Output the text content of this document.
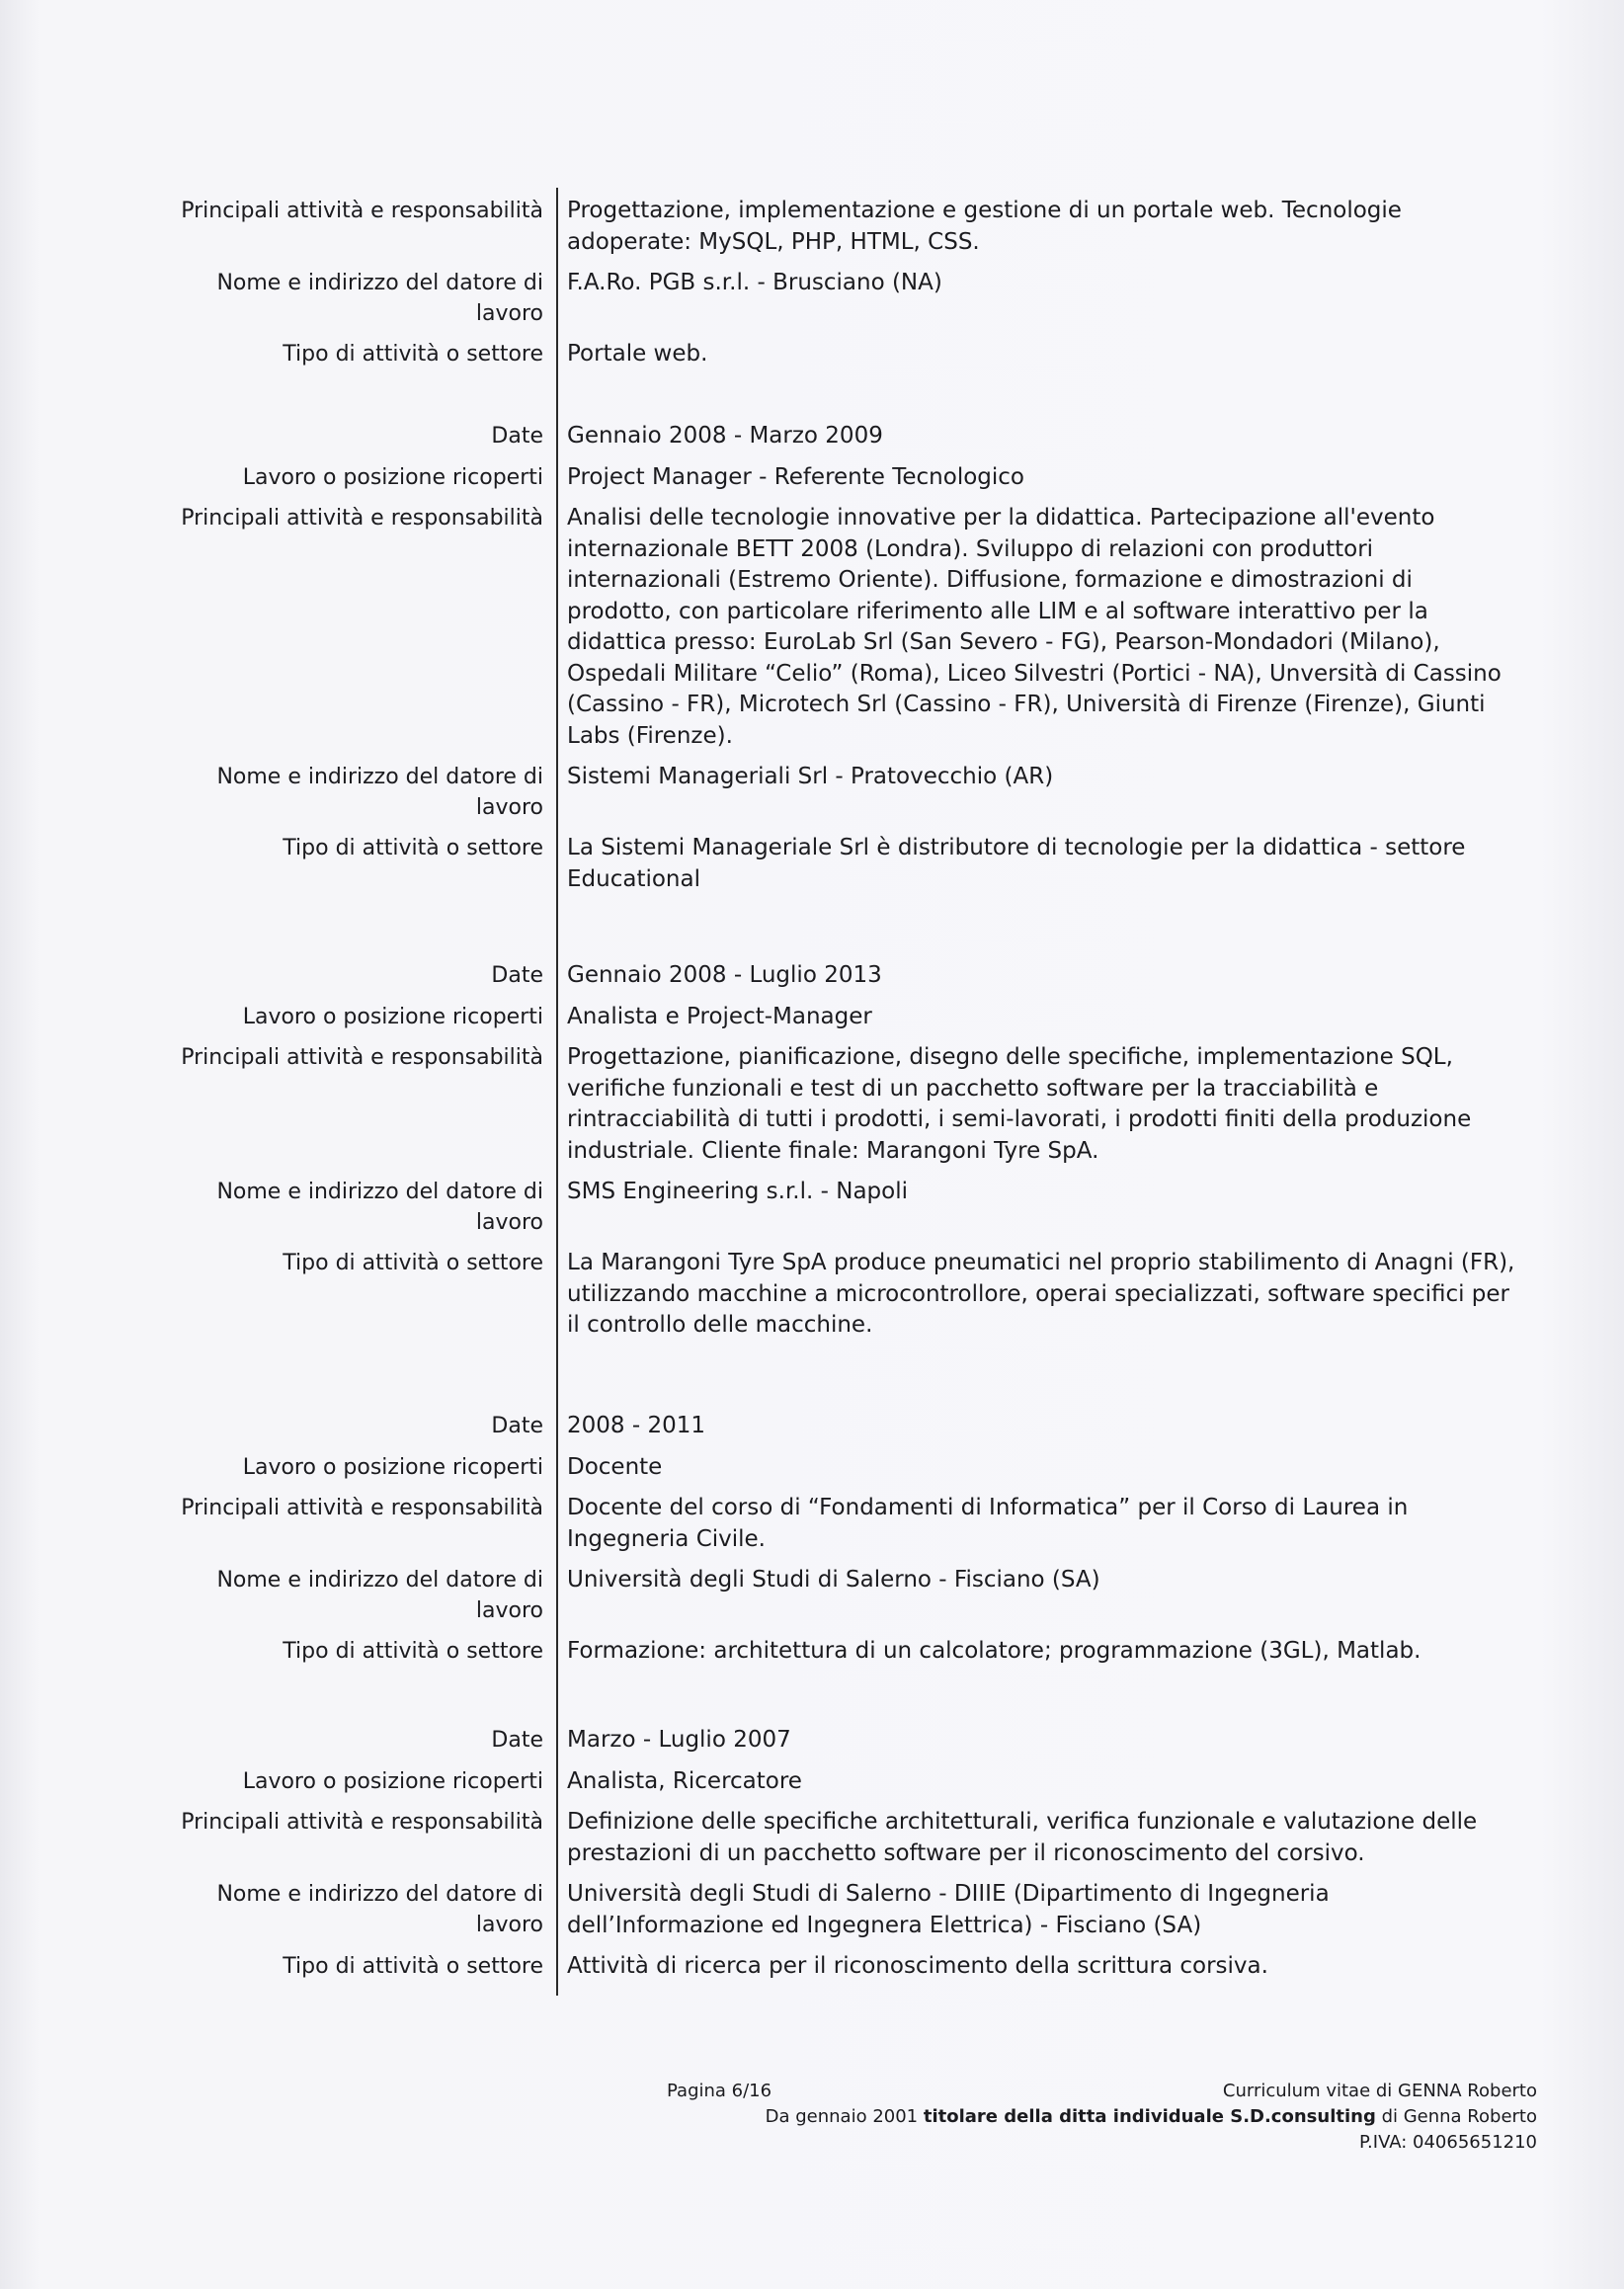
Principali attività e responsabilità Progettazione, implementazione e gestione di un portale web. Tecnologie adoperate: MySQL, PHP, HTML, CSS.
Nome e indirizzo del datore di lavoro
F.A.Ro. PGB s.r.l. - Brusciano (NA)
Tipo di attività o settore Portale web.
Date Gennaio 2008 - Marzo 2009
Lavoro o posizione ricoperti Project Manager - Referente Tecnologico
Principali attività e responsabilità Analisi delle tecnologie innovative per la didattica. Partecipazione all'evento internazionale BETT 2008 (Londra). Sviluppo di relazioni con produttori internazionali (Estremo Oriente). Diffusione, formazione e dimostrazioni di prodotto, con particolare riferimento alle LIM e al software interattivo per la didattica presso: EuroLab Srl (San Severo - FG), Pearson-Mondadori (Milano), Ospedali Militare “Celio” (Roma), Liceo Silvestri (Portici - NA), Unversità di Cassino (Cassino - FR), Microtech Srl (Cassino - FR), Università di Firenze (Firenze), Giunti Labs (Firenze).
Nome e indirizzo del datore di lavoro
Sistemi Manageriali Srl - Pratovecchio (AR)
Tipo di attività o settore La Sistemi Manageriale Srl è distributore di tecnologie per la didattica - settore Educational
Date Gennaio 2008 - Luglio 2013
Lavoro o posizione ricoperti Analista e Project-Manager
Principali attività e responsabilità Progettazione, pianificazione, disegno delle specifiche, implementazione SQL, verifiche funzionali e test di un pacchetto software per la tracciabilità e rintracciabilità di tutti i prodotti, i semi-lavorati, i prodotti finiti della produzione industriale. Cliente finale: Marangoni Tyre SpA.
Nome e indirizzo del datore di lavoro
SMS Engineering s.r.l. - Napoli
Tipo di attività o settore La Marangoni Tyre SpA produce pneumatici nel proprio stabilimento di Anagni (FR), utilizzando macchine a microcontrollore, operai specializzati, software specifici per il controllo delle macchine.
Date 2008 - 2011
Lavoro o posizione ricoperti Docente
Principali attività e responsabilità Docente del corso di “Fondamenti di Informatica” per il Corso di Laurea in Ingegneria Civile.
Nome e indirizzo del datore di lavoro
Università degli Studi di Salerno - Fisciano (SA)
Tipo di attività o settore Formazione: architettura di un calcolatore; programmazione (3GL), Matlab.
Date Marzo - Luglio 2007
Lavoro o posizione ricoperti Analista, Ricercatore
Principali attività e responsabilità Definizione delle specifiche architetturali, verifica funzionale e valutazione delle prestazioni di un pacchetto software per il riconoscimento del corsivo.
Nome e indirizzo del datore di lavoro
Università degli Studi di Salerno - DIIIE (Dipartimento di Ingegneria dell’Informazione ed Ingegnera Elettrica) - Fisciano (SA)
Tipo di attività o settore Attività di ricerca per il riconoscimento della scrittura corsiva.
Pagina 6/16	Curriculum vitae di GENNA Roberto
Da gennaio 2001 titolare della ditta individuale S.D.consulting di Genna Roberto
P.IVA: 04065651210
